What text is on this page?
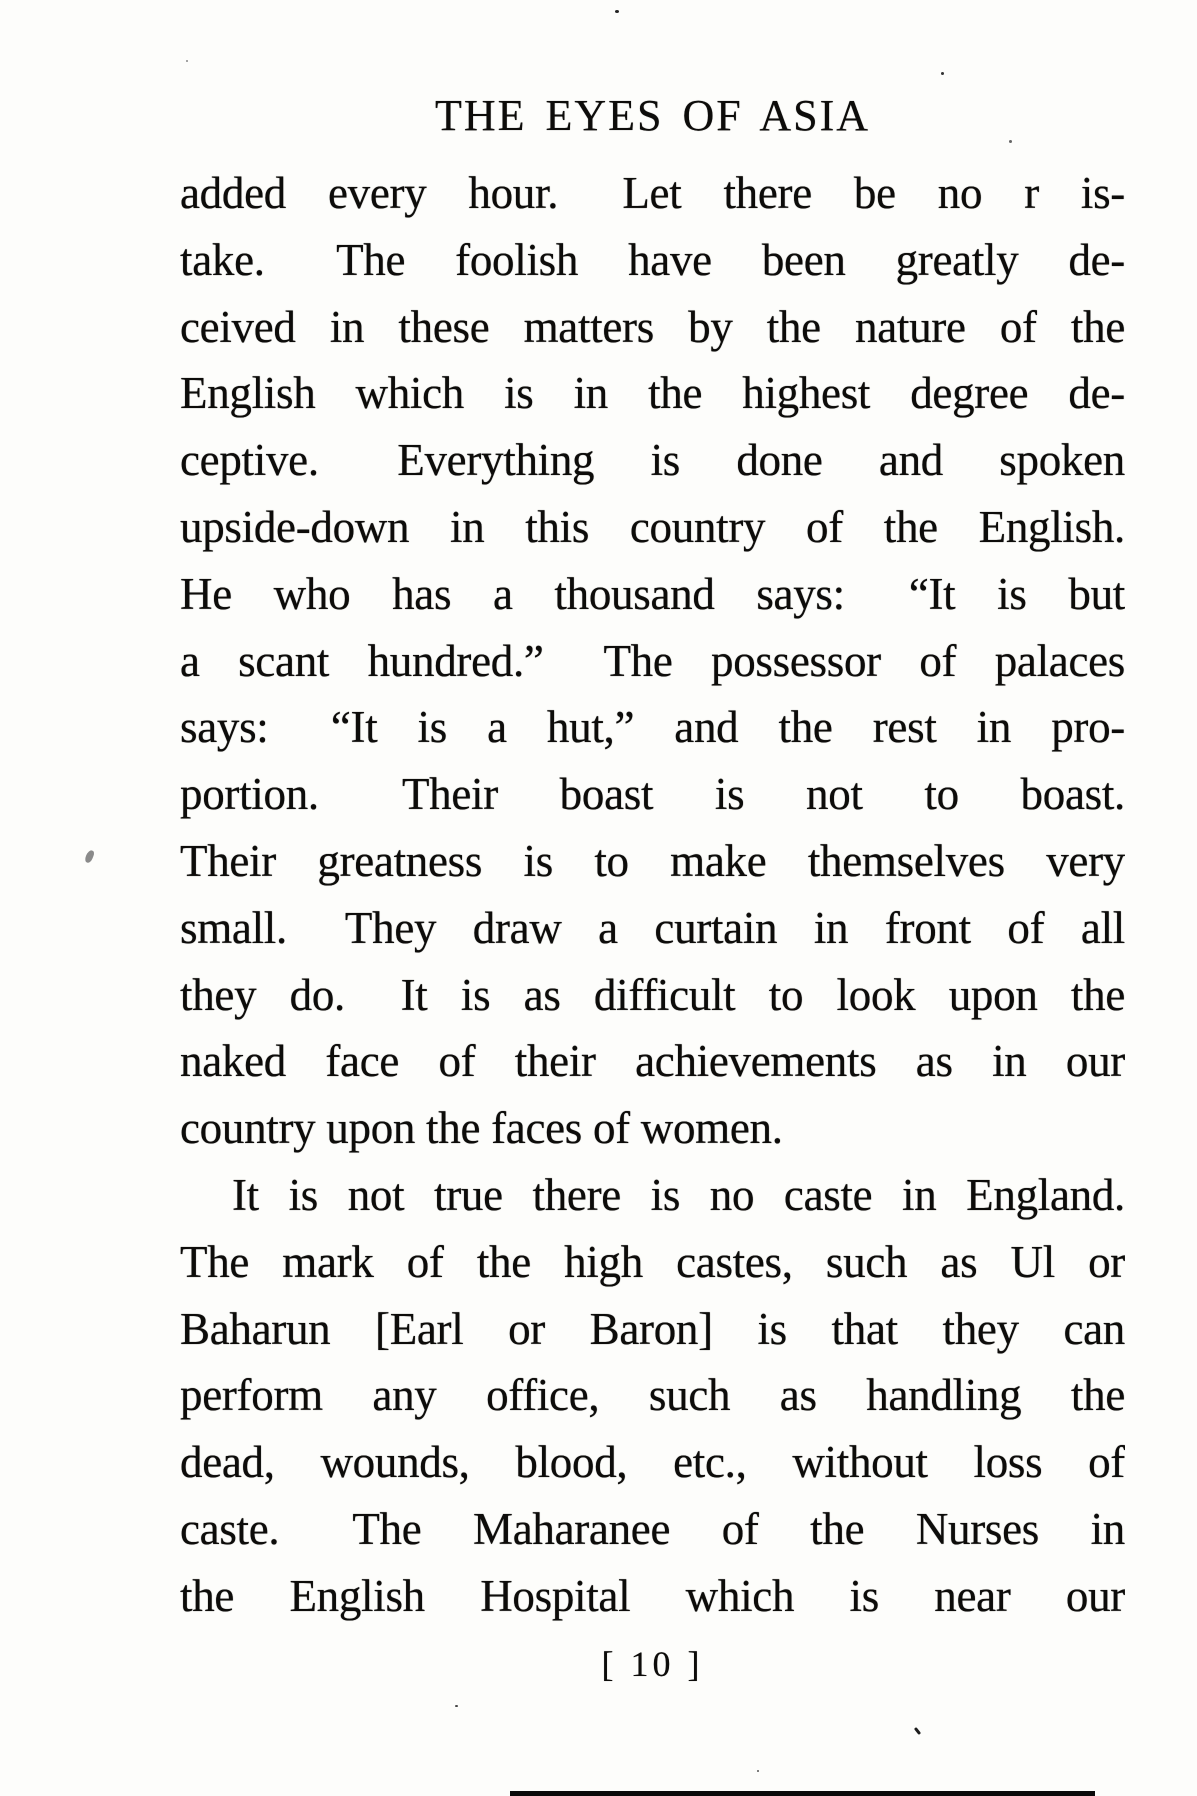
THE EYES OF ASIA
added every hour.  Let there be no r is-
take.  The foolish have been greatly de-
ceived in these matters by the nature of the
English which is in the highest degree de-
ceptive.  Everything is done and spoken
upside-down in this country of the English.
He who has a thousand says:  “It is but
a scant hundred.”  The possessor of palaces
says:  “It is a hut,” and the rest in pro-
portion.  Their boast is not to boast.
Their greatness is to make themselves very
small.  They draw a curtain in front of all
they do.  It is as difficult to look upon the
naked face of their achievements as in our
country upon the faces of women.
It is not true there is no caste in England.
The mark of the high castes, such as Ul or
Baharun [Earl or Baron] is that they can
perform any office, such as handling the
dead, wounds, blood, etc., without loss of
caste.  The Maharanee of the Nurses in
the English Hospital which is near our
[ 10 ]
